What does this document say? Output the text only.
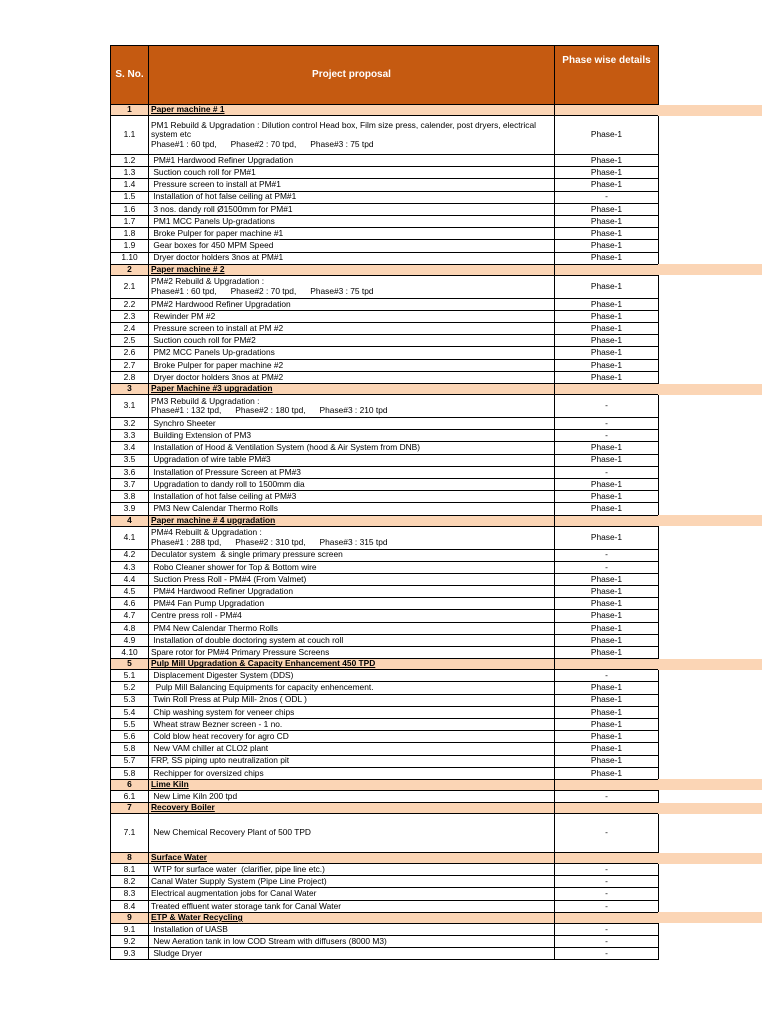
S. No.	Project proposal	Phase wise details
1	Paper machine # 1	
1.1	PM1 Rebuild & Upgradation : Dilution control Head box, Film size press, calender, post dryers, electrical system etc
Phase#1 : 60 tpd,      Phase#2 : 70 tpd,      Phase#3 : 75 tpd	Phase-1
1.2	PM#1 Hardwood Refiner Upgradation	Phase-1
1.3	Suction couch roll for PM#1	Phase-1
1.4	Pressure screen to install at PM#1	Phase-1
1.5	Installation of hot false ceiling at PM#1	-
1.6	3 nos. dandy roll Ø1500mm for PM#1	Phase-1
1.7	PM1 MCC Panels Up-gradations	Phase-1
1.8	Broke Pulper for paper machine #1	Phase-1
1.9	Gear boxes for 450 MPM Speed	Phase-1
1.10	Dryer doctor holders 3nos at PM#1	Phase-1
2	Paper machine # 2	
2.1	PM#2 Rebuild & Upgradation :
Phase#1 : 60 tpd,      Phase#2 : 70 tpd,      Phase#3 : 75 tpd	Phase-1
2.2	PM#2 Hardwood Refiner Upgradation	Phase-1
2.3	Rewinder PM #2	Phase-1
2.4	Pressure screen to install at PM #2	Phase-1
2.5	Suction couch roll for PM#2	Phase-1
2.6	PM2 MCC Panels Up-gradations	Phase-1
2.7	Broke Pulper for paper machine #2	Phase-1
2.8	Dryer doctor holders 3nos at PM#2	Phase-1
3	Paper Machine #3 upgradation	
3.1	PM3 Rebuild & Upgradation :
Phase#1 : 132 tpd,      Phase#2 : 180 tpd,      Phase#3 : 210 tpd	-
3.2	Synchro Sheeter	-
3.3	Building Extension of PM3	-
3.4	Installation of Hood & Ventilation System (hood & Air System from DNB)	Phase-1
3.5	Upgradation of wire table PM#3	Phase-1
3.6	Installation of Pressure Screen at PM#3	-
3.7	Upgradation to dandy roll to 1500mm dia	Phase-1
3.8	Installation of hot false ceiling at PM#3	Phase-1
3.9	PM3 New Calendar Thermo Rolls	Phase-1
4	Paper machine # 4 upgradation	
4.1	PM#4 Rebuilt & Upgradation :
Phase#1 : 288 tpd,      Phase#2 : 310 tpd,      Phase#3 : 315 tpd	Phase-1
4.2	Deculator system  & single primary pressure screen	-
4.3	Robo Cleaner shower for Top & Bottom wire	-
4.4	Suction Press Roll - PM#4 (From Valmet)	Phase-1
4.5	PM#4 Hardwood Refiner Upgradation	Phase-1
4.6	PM#4 Fan Pump Upgradation	Phase-1
4.7	Centre press roll - PM#4	Phase-1
4.8	PM4 New Calendar Thermo Rolls	Phase-1
4.9	Installation of double doctoring system at couch roll	Phase-1
4.10	Spare rotor for PM#4 Primary Pressure Screens	Phase-1
5	Pulp Mill Upgradation & Capacity Enhancement 450 TPD	
5.1	Displacement Digester System (DDS)	-
5.2	Pulp Mill Balancing Equipments for capacity enhencement.	Phase-1
5.3	Twin Roll Press at Pulp Mill- 2nos ( ODL )	Phase-1
5.4	Chip washing system for veneer chips	Phase-1
5.5	Wheat straw Bezner screen - 1 no.	Phase-1
5.6	Cold blow heat recovery for agro CD	Phase-1
5.8	New VAM chiller at CLO2 plant	Phase-1
5.7	FRP, SS piping upto neutralization pit	Phase-1
5.8	Rechipper for oversized chips	Phase-1
6	Lime Kiln	
6.1	New Lime Kiln 200 tpd	-
7	Recovery Boiler	
7.1	New Chemical Recovery Plant of 500 TPD	-
8	Surface Water	
8.1	WTP for surface water  (clarifier, pipe line etc.)	-
8.2	Canal Water Supply System (Pipe Line Project)	-
8.3	Electrical augmentation jobs for Canal Water	-
8.4	Treated effluent water storage tank for Canal Water	-
9	ETP & Water Recycling	
9.1	Installation of UASB	-
9.2	New Aeration tank in low COD Stream with diffusers (8000 M3)	-
9.3	Sludge Dryer	-
